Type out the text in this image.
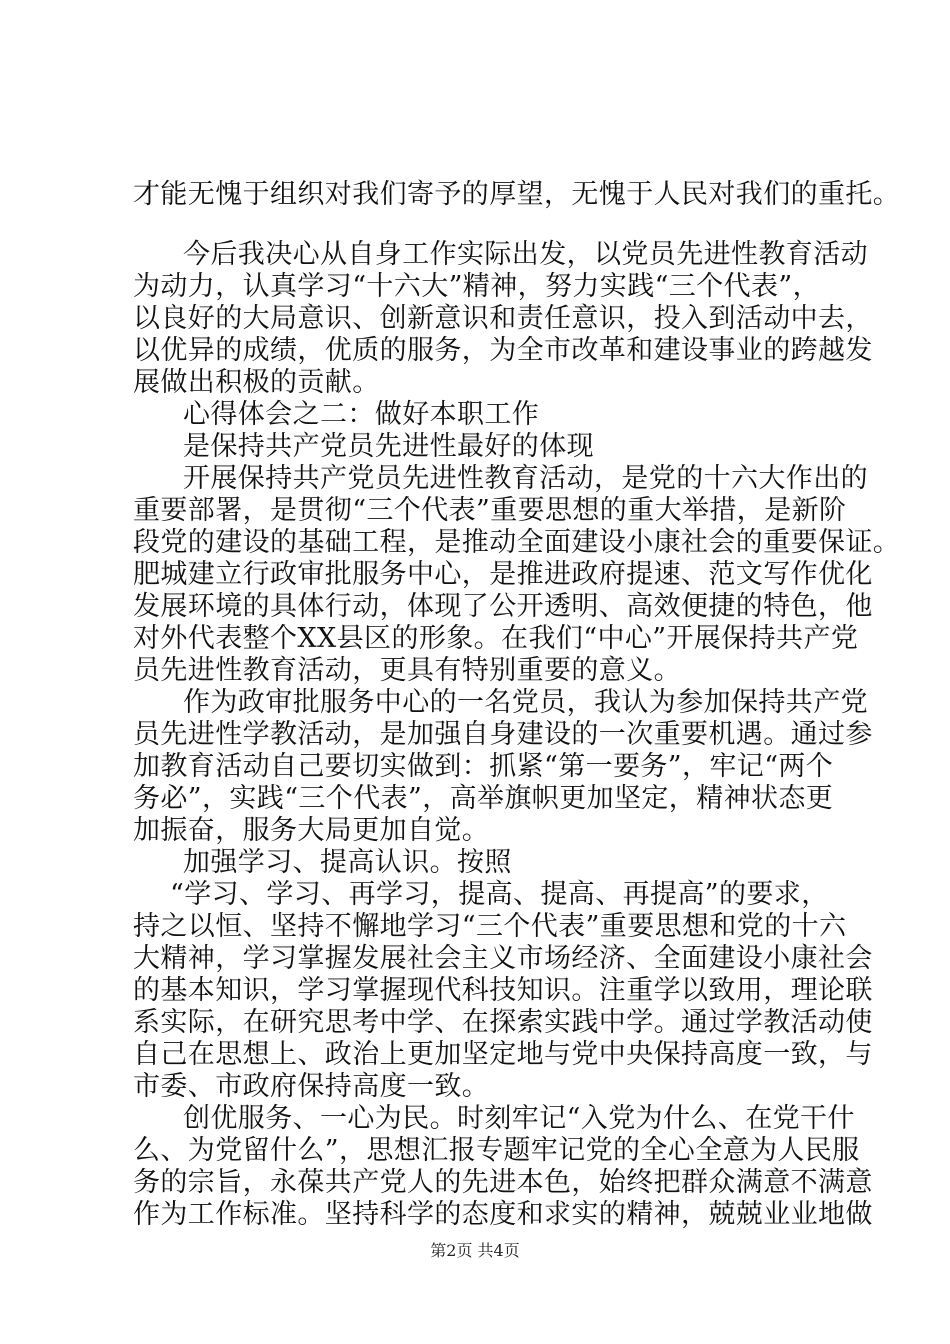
才能无愧于组织对我们寄予的厚望，无愧于人民对我们的重托。
今后我决心从自身工作实际出发，以党员先进性教育活动
为动力，认真学习“十六大”精神，努力实践“三个代表”，
以良好的大局意识、创新意识和责任意识，投入到活动中去，
以优异的成绩，优质的服务，为全市改革和建设事业的跨越发
展做出积极的贡献。
心得体会之二：做好本职工作
是保持共产党员先进性最好的体现
开展保持共产党员先进性教育活动，是党的十六大作出的
重要部署，是贯彻“三个代表”重要思想的重大举措，是新阶
段党的建设的基础工程，是推动全面建设小康社会的重要保证。
肥城建立行政审批服务中心，是推进政府提速、范文写作优化
发展环境的具体行动，体现了公开透明、高效便捷的特色，他
对外代表整个XX县区的形象。在我们“中心”开展保持共产党
员先进性教育活动，更具有特别重要的意义。
作为政审批服务中心的一名党员，我认为参加保持共产党
员先进性学教活动，是加强自身建设的一次重要机遇。通过参
加教育活动自己要切实做到：抓紧“第一要务”，牢记“两个
务必”，实践“三个代表”，高举旗帜更加坚定，精神状态更
加振奋，服务大局更加自觉。
加强学习、提高认识。按照
“学习、学习、再学习，提高、提高、再提高”的要求，
持之以恒、坚持不懈地学习“三个代表”重要思想和党的十六
大精神，学习掌握发展社会主义市场经济、全面建设小康社会
的基本知识，学习掌握现代科技知识。注重学以致用，理论联
系实际，在研究思考中学、在探索实践中学。通过学教活动使
自己在思想上、政治上更加坚定地与党中央保持高度一致，与
市委、市政府保持高度一致。
创优服务、一心为民。时刻牢记“入党为什么、在党干什
么、为党留什么”，思想汇报专题牢记党的全心全意为人民服
务的宗旨，永葆共产党人的先进本色，始终把群众满意不满意
作为工作标准。坚持科学的态度和求实的精神，兢兢业业地做
第2页 共4页
